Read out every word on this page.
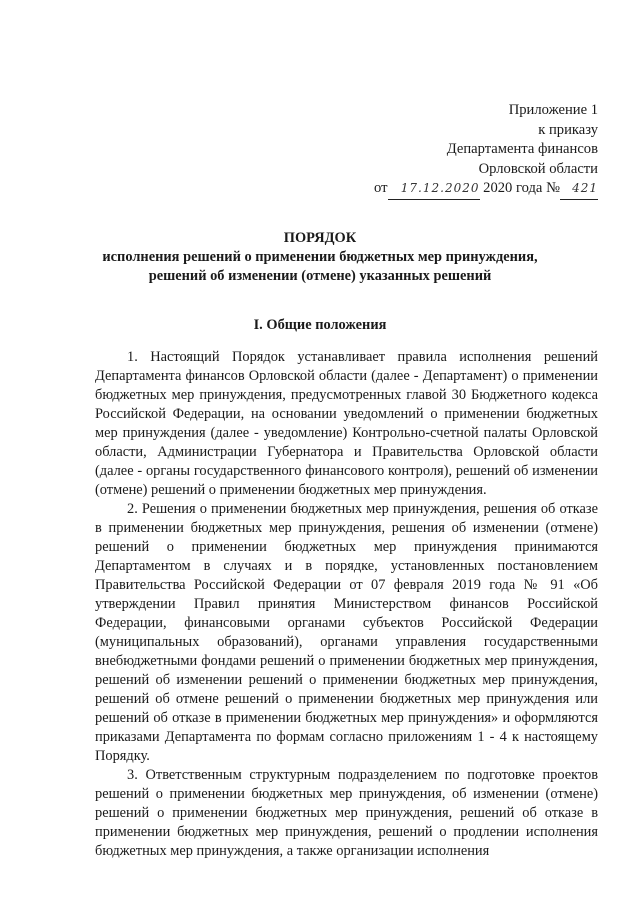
Приложение 1
к приказу
Департамента финансов
Орловской области
от 17.12.2020 2020 года № 421
ПОРЯДОК
исполнения решений о применении бюджетных мер принуждения,
решений об изменении (отмене) указанных решений
I. Общие положения

1. Настоящий Порядок устанавливает правила исполнения решений Департамента финансов Орловской области (далее - Департамент) о применении бюджетных мер принуждения, предусмотренных главой 30 Бюджетного кодекса Российской Федерации, на основании уведомлений о применении бюджетных мер принуждения (далее - уведомление) Контрольно-счетной палаты Орловской области, Администрации Губернатора и Правительства Орловской области (далее - органы государственного финансового контроля), решений об изменении (отмене) решений о применении бюджетных мер принуждения.

2. Решения о применении бюджетных мер принуждения, решения об отказе в применении бюджетных мер принуждения, решения об изменении (отмене) решений о применении бюджетных мер принуждения принимаются Департаментом в случаях и в порядке, установленных постановлением Правительства Российской Федерации от 07 февраля 2019 года № 91 «Об утверждении Правил принятия Министерством финансов Российской Федерации, финансовыми органами субъектов Российской Федерации (муниципальных образований), органами управления государственными внебюджетными фондами решений о применении бюджетных мер принуждения, решений об изменении решений о применении бюджетных мер принуждения, решений об отмене решений о применении бюджетных мер принуждения или решений об отказе в применении бюджетных мер принуждения» и оформляются приказами Департамента по формам согласно приложениям 1 - 4 к настоящему Порядку.

3. Ответственным структурным подразделением по подготовке проектов решений о применении бюджетных мер принуждения, об изменении (отмене) решений о применении бюджетных мер принуждения, решений об отказе в применении бюджетных мер принуждения, решений о продлении исполнения бюджетных мер принуждения, а также организации исполнения
